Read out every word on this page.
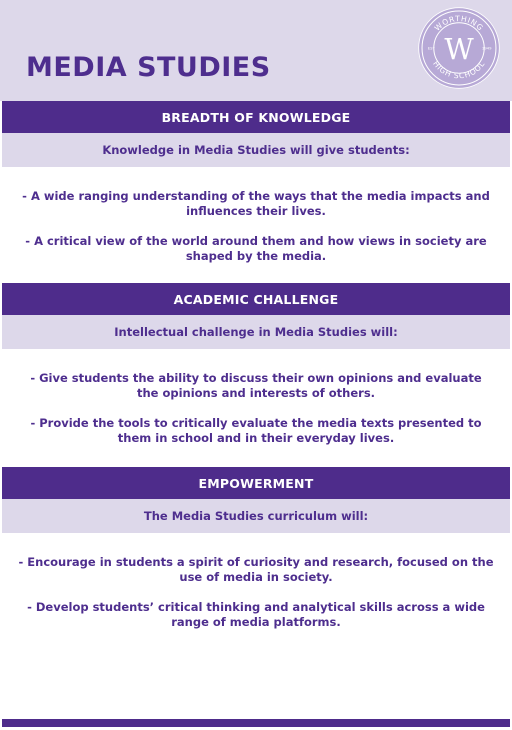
MEDIA STUDIES
WORTHING
HIGH SCHOOL
EST	1949
W
BREADTH OF KNOWLEDGE
Knowledge in Media Studies will give students:
- A wide ranging understanding of the ways that the media impacts and influences their lives.
- A critical view of the world around them and how views in society are shaped by the media.
ACADEMIC CHALLENGE
Intellectual challenge in Media Studies will:
- Give students the ability to discuss their own opinions and evaluate the opinions and interests of others.
- Provide the tools to critically evaluate the media texts presented to them in school and in their everyday lives.
EMPOWERMENT
The Media Studies curriculum will:
- Encourage in students a spirit of curiosity and research, focused on the use of media in society.
- Develop students’ critical thinking and analytical skills across a wide range of media platforms.
